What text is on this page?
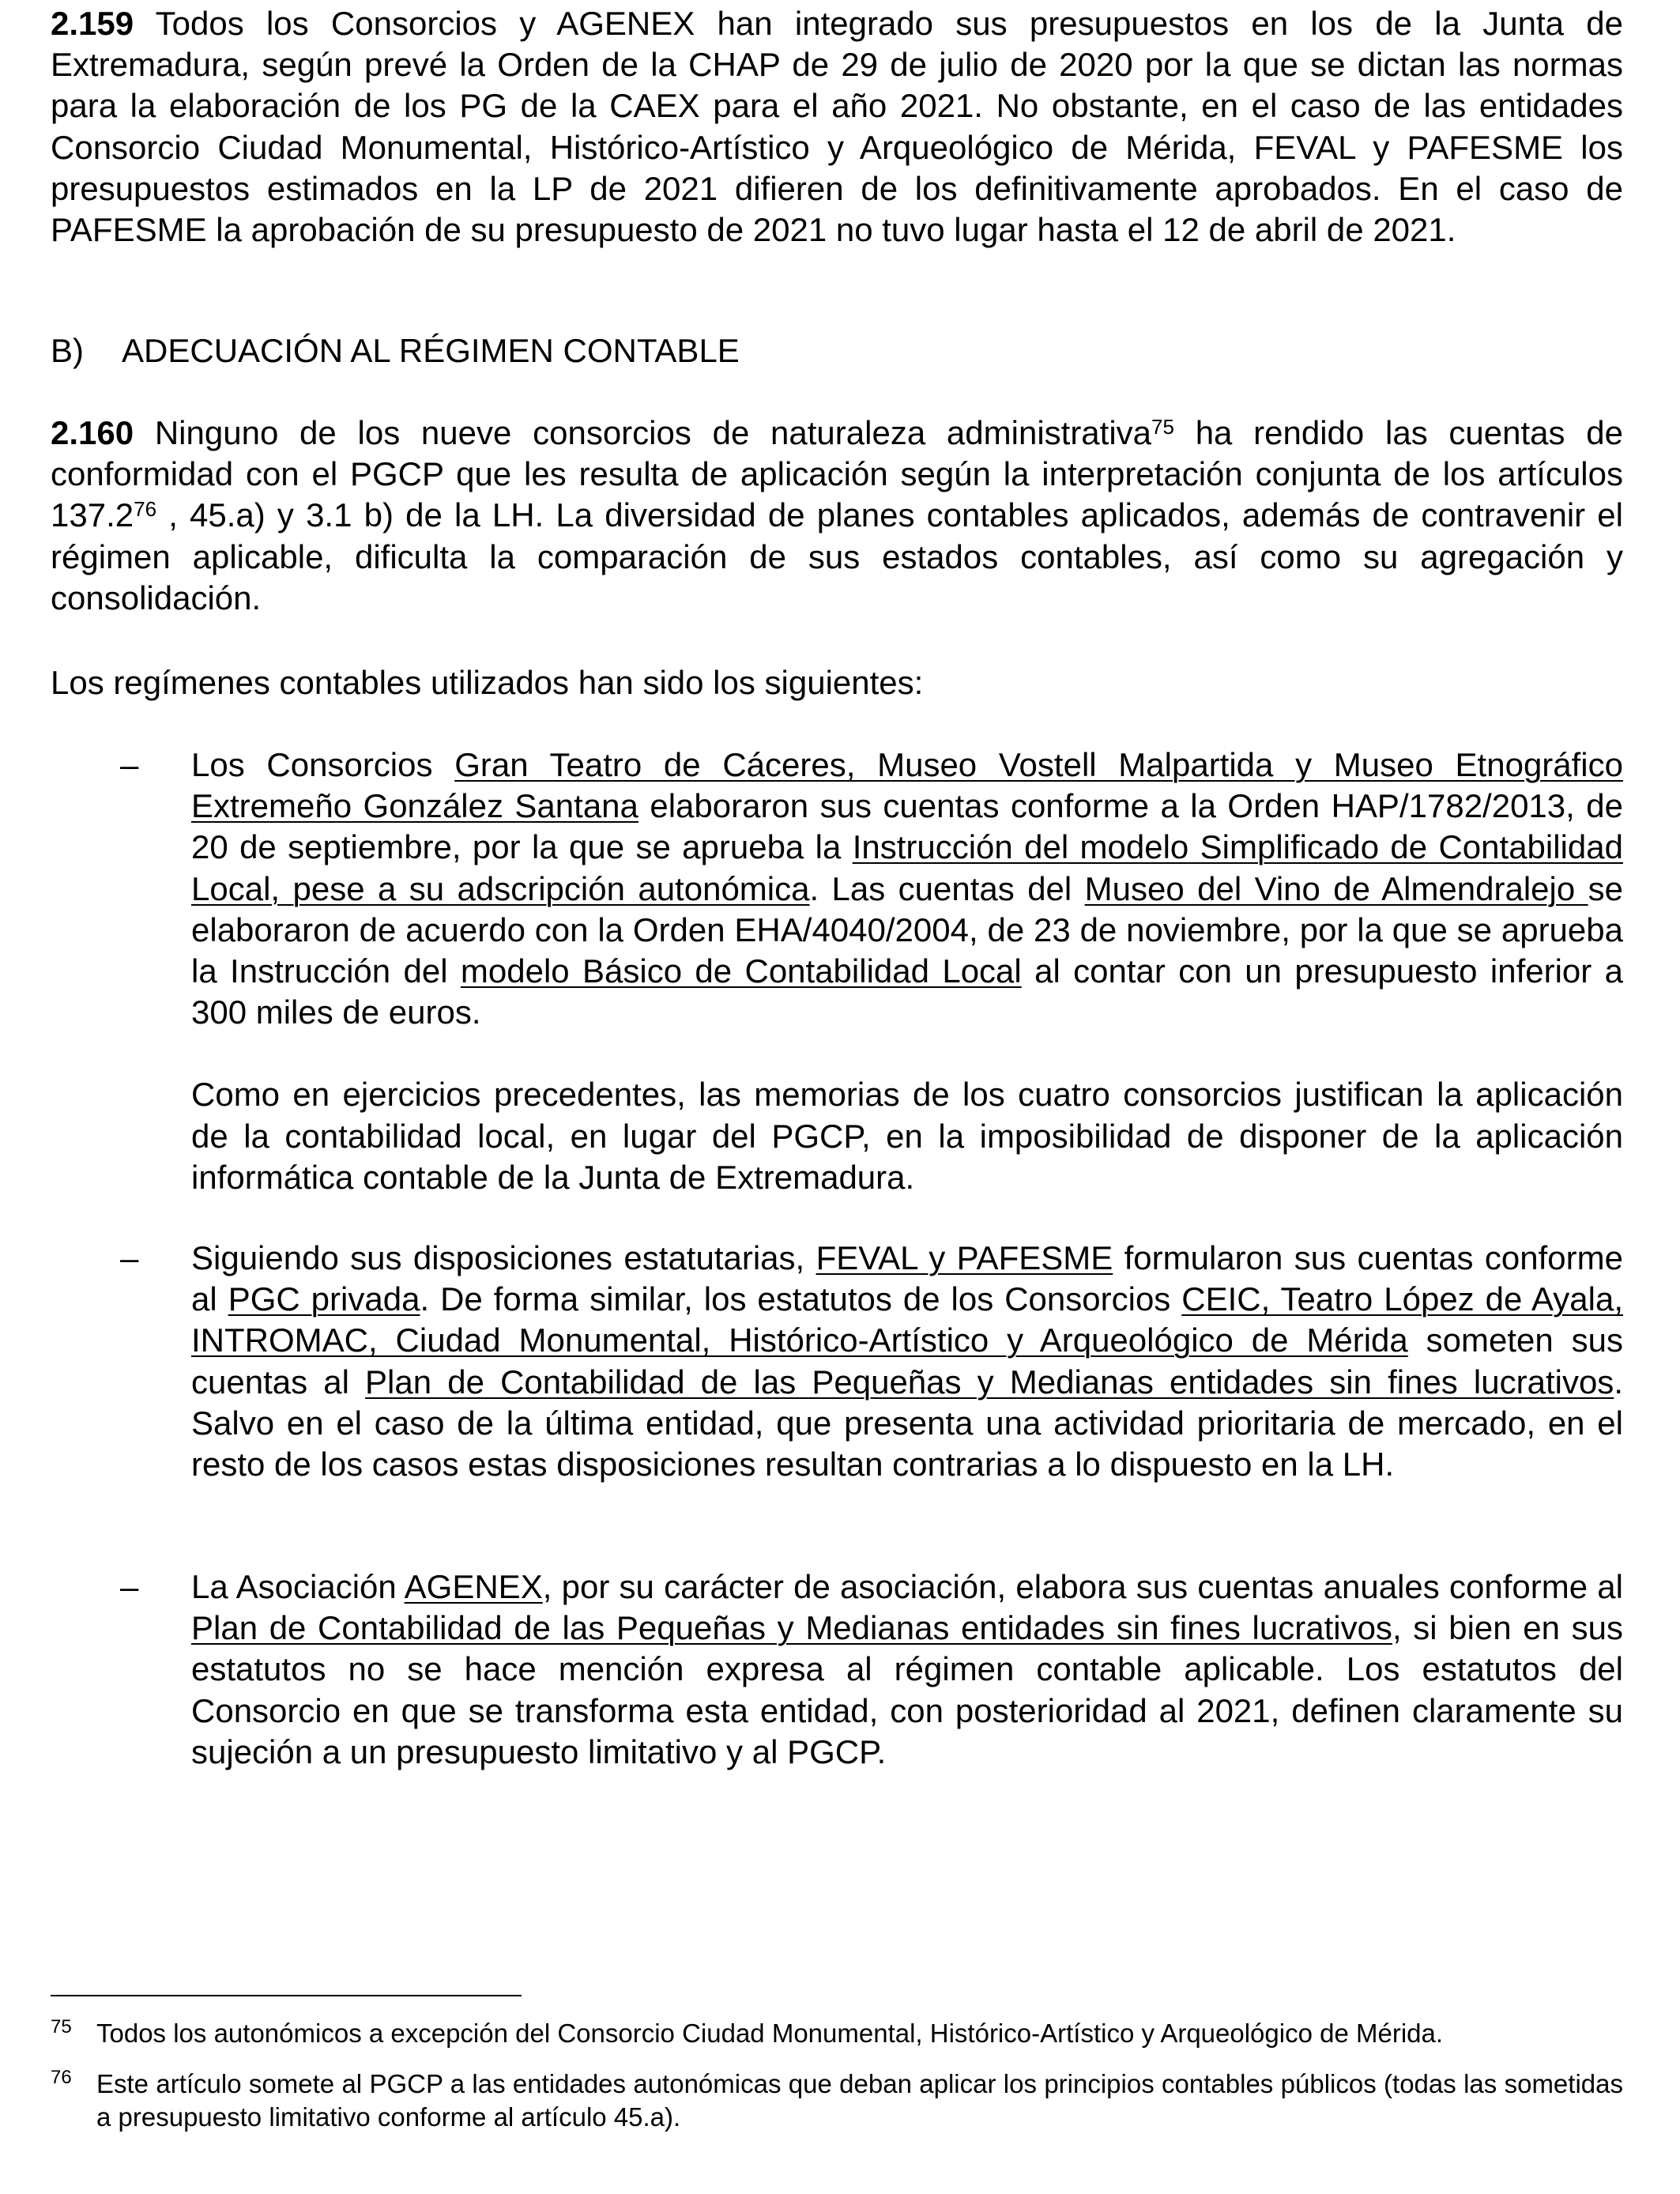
2.159 Todos los Consorcios y AGENEX han integrado sus presupuestos en los de la Junta de Extremadura, según prevé la Orden de la CHAP de 29 de julio de 2020 por la que se dictan las normas para la elaboración de los PG de la CAEX para el año 2021. No obstante, en el caso de las entidades Consorcio Ciudad Monumental, Histórico-Artístico y Arqueológico de Mérida, FEVAL y PAFESME los presupuestos estimados en la LP de 2021 difieren de los definitivamente aprobados. En el caso de PAFESME la aprobación de su presupuesto de 2021 no tuvo lugar hasta el 12 de abril de 2021.

B) ADECUACIÓN AL RÉGIMEN CONTABLE

2.160 Ninguno de los nueve consorcios de naturaleza administrativa$^{75}$ ha rendido las cuentas de conformidad con el PGCP que les resulta de aplicación según la interpretación conjunta de los artículos 137.2$^{76}$ , 45.a) y 3.1 b) de la LH. La diversidad de planes contables aplicados, además de contravenir el régimen aplicable, dificulta la comparación de sus estados contables, así como su agregación y consolidación.

Los regímenes contables utilizados han sido los siguientes:

– Los Consorcios Gran Teatro de Cáceres, Museo Vostell Malpartida y Museo Etnográfico Extremeño González Santana elaboraron sus cuentas conforme a la Orden HAP/1782/2013, de 20 de septiembre, por la que se aprueba la Instrucción del modelo Simplificado de Contabilidad Local, pese a su adscripción autonómica. Las cuentas del Museo del Vino de Almendralejo se elaboraron de acuerdo con la Orden EHA/4040/2004, de 23 de noviembre, por la que se aprueba la Instrucción del modelo Básico de Contabilidad Local al contar con un presupuesto inferior a 300 miles de euros.

Como en ejercicios precedentes, las memorias de los cuatro consorcios justifican la aplicación de la contabilidad local, en lugar del PGCP, en la imposibilidad de disponer de la aplicación informática contable de la Junta de Extremadura.

– Siguiendo sus disposiciones estatutarias, FEVAL y PAFESME formularon sus cuentas conforme al PGC privada. De forma similar, los estatutos de los Consorcios CEIC, Teatro López de Ayala, INTROMAC, Ciudad Monumental, Histórico-Artístico y Arqueológico de Mérida someten sus cuentas al Plan de Contabilidad de las Pequeñas y Medianas entidades sin fines lucrativos. Salvo en el caso de la última entidad, que presenta una actividad prioritaria de mercado, en el resto de los casos estas disposiciones resultan contrarias a lo dispuesto en la LH.

– La Asociación AGENEX, por su carácter de asociación, elabora sus cuentas anuales conforme al Plan de Contabilidad de las Pequeñas y Medianas entidades sin fines lucrativos, si bien en sus estatutos no se hace mención expresa al régimen contable aplicable. Los estatutos del Consorcio en que se transforma esta entidad, con posterioridad al 2021, definen claramente su sujeción a un presupuesto limitativo y al PGCP.

75 Todos los autonómicos a excepción del Consorcio Ciudad Monumental, Histórico-Artístico y Arqueológico de Mérida.
76 Este artículo somete al PGCP a las entidades autonómicas que deban aplicar los principios contables públicos (todas las sometidas a presupuesto limitativo conforme al artículo 45.a).
